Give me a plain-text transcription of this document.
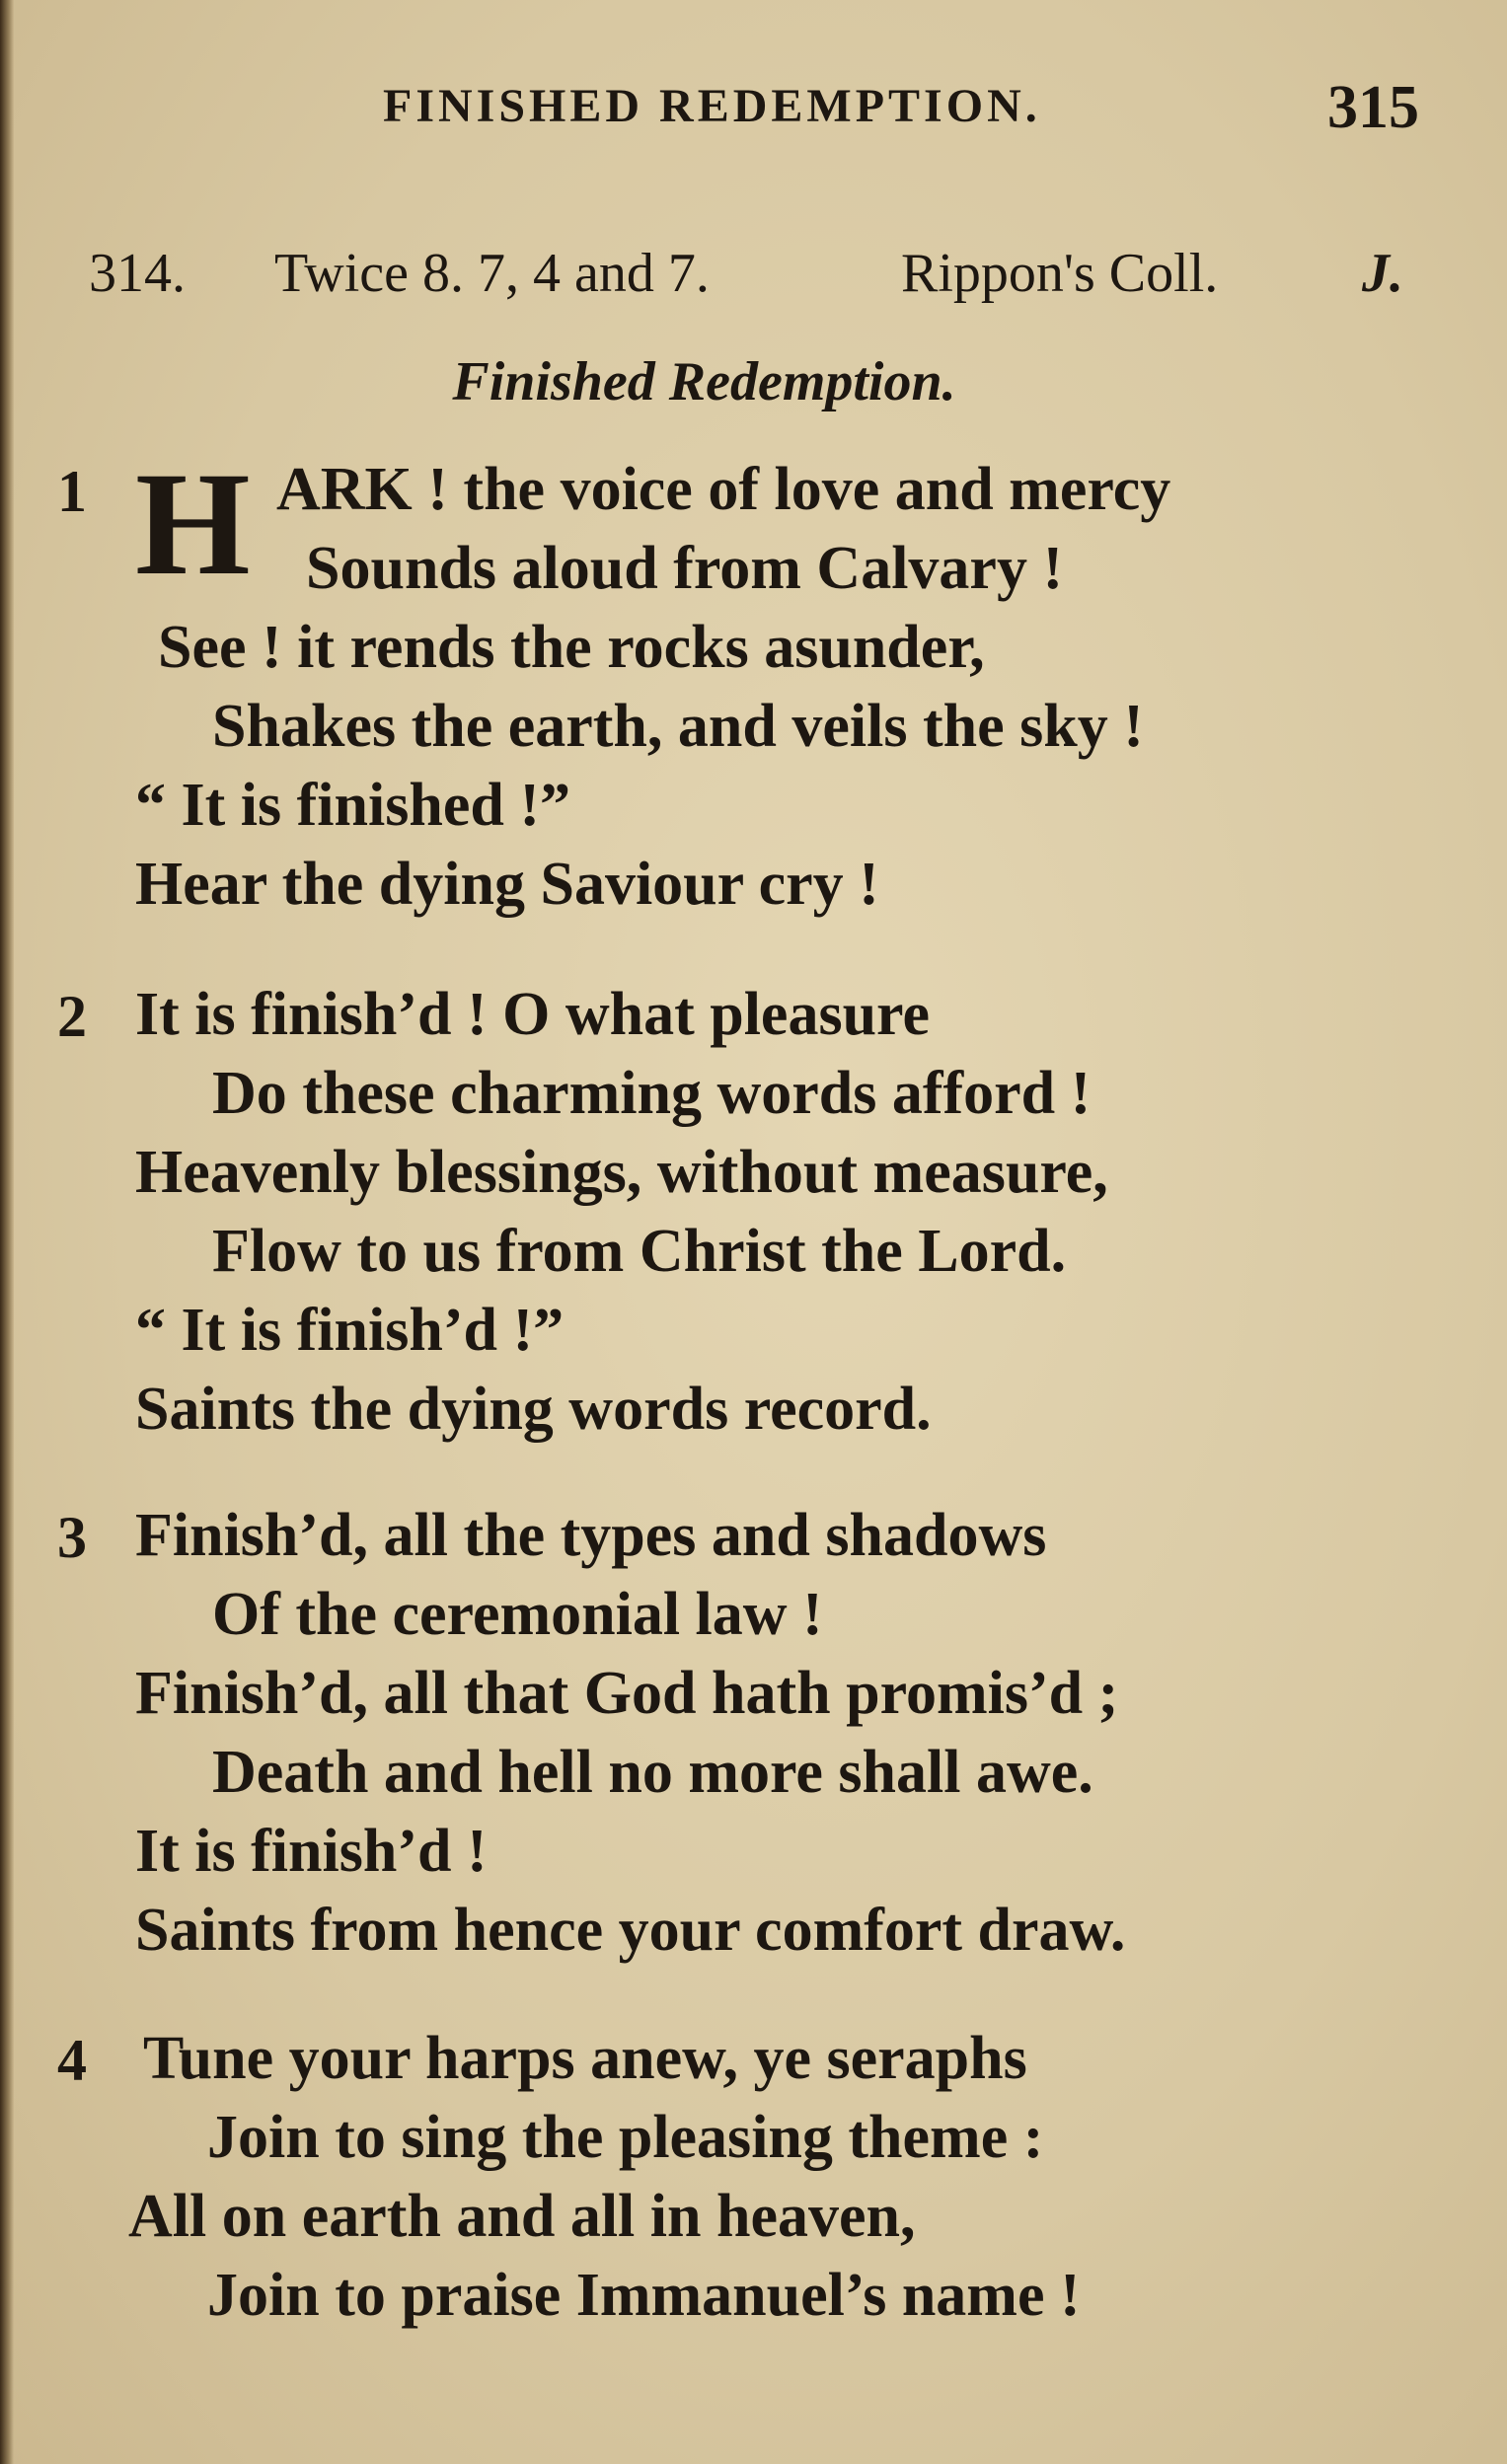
FINISHED REDEMPTION.	315
314. Twice 8. 7, 4 and 7.	Rippon's Coll.	J.
Finished Redemption.
1 H ARK ! the voice of love and mercy
Sounds aloud from Calvary !
See ! it rends the rocks asunder,
Shakes the earth, and veils the sky !
“ It is finished !”
Hear the dying Saviour cry !
2 It is finish’d ! O what pleasure
Do these charming words afford !
Heavenly blessings, without measure,
Flow to us from Christ the Lord.
“ It is finish’d !”
Saints the dying words record.
3 Finish’d, all the types and shadows
Of the ceremonial law !
Finish’d, all that God hath promis’d ;
Death and hell no more shall awe.
It is finish’d !
Saints from hence your comfort draw.
4 Tune your harps anew, ye seraphs
Join to sing the pleasing theme :
All on earth and all in heaven,
Join to praise Immanuel’s name !
